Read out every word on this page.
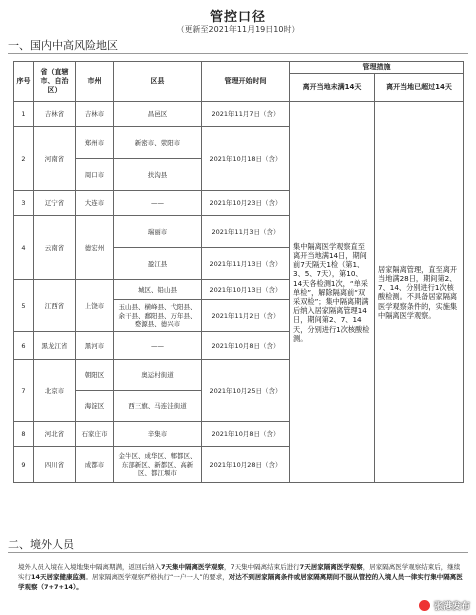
管控口径
（更新至2021年11月19日10时）
一、国内中高风险地区
序号	省（直辖市、自治区）	市州	区县	管理开始时间	管理措施	
					离开当地未满14天	离开当地已超过14天
1	吉林省	吉林市	昌邑区	2021年11月7日（含）	集中隔离医学观察直至离开当地满14日，期间前7天隔天1检（第1、3、5、7天），第10、14天各检测1次，“单采单检”，解除隔离前“双采双检”；集中隔离期满后纳入居家隔离管理14日，期间第2、7、14天，分别进行1次核酸检测。	居家隔离管理，直至离开当地满28日，期间第2、7、14、分别进行1次核酸检测。不具备居家隔离医学观察条件的，实施集中隔离医学观察。
2	河南省	郑州市	新密市、荥阳市	2021年10月18日（含）		
		周口市	扶沟县			
3	辽宁省	大连市	——	2021年10月23日（含）		
4	云南省	德宏州	瑞丽市	2021年11月3日（含）		
			盈江县	2021年11月13日（含）		
5	江西省	上饶市	城区、铅山县	2021年10月13日（含）		
			玉山县、横峰县、弋阳县、余干县、鄱阳县、万年县、婺源县、德兴市	2021年11月2日（含）		
6	黑龙江省	黑河市	——	2021年10月8日（含）		
7	北京市	朝阳区	奥运村街道	2021年10月25日（含）		
		海淀区	西三旗、马连洼街道			
8	河北省	石家庄市	辛集市	2021年10月8日（含）		
9	四川省	成都市	金牛区、成华区、郫都区、东部新区、新都区、高新区、都江堰市	2021年10月28日（含）		
二、境外人员
境外人员入境在入境地集中隔离期满，返回后纳入7天集中隔离医学观察，7天集中隔离结束后进行7天居家隔离医学观察，居家隔离医学观察结束后，继续实行14天居家健康监测。居家隔离医学观察严格执行“一户一人”的要求，对达不到居家隔离条件或居家隔离期间不服从管控的入境人员一律实行集中隔离医学观察（7+7+14）。
张港发布
